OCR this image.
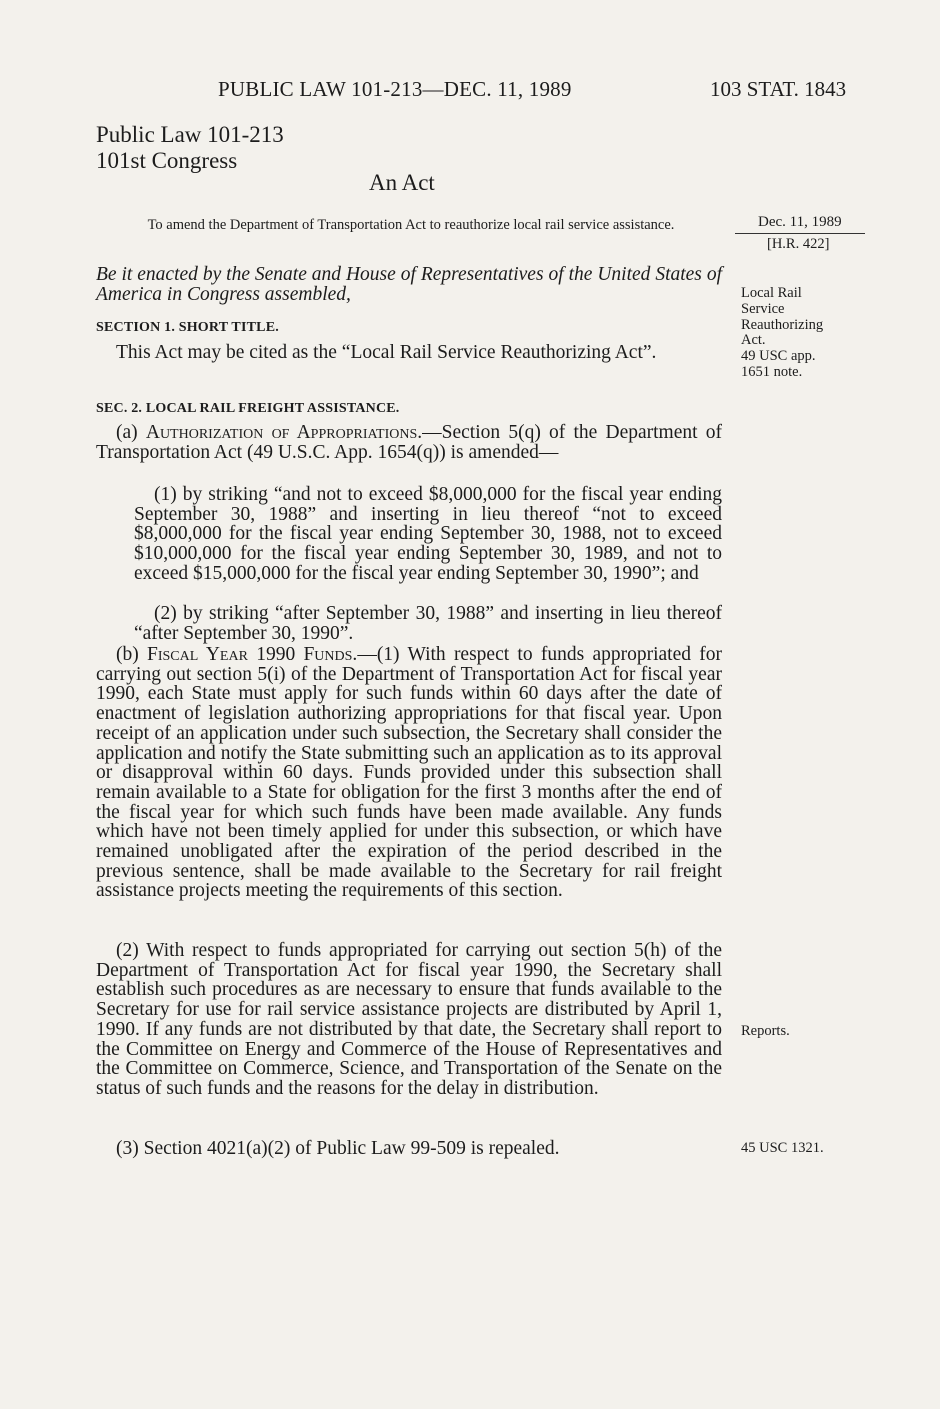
PUBLIC LAW 101-213—DEC. 11, 1989	103 STAT. 1843
Public Law 101-213
101st Congress
An Act
To amend the Department of Transportation Act to reauthorize local rail service assistance.	Dec. 11, 1989
[H.R. 422]
Be it enacted by the Senate and House of Representatives of the United States of America in Congress assembled,	Local Rail
Service
Reauthorizing
Act.
49 USC app.
1651 note.
SECTION 1. SHORT TITLE.

This Act may be cited as the “Local Rail Service Reauthorizing Act”.

SEC. 2. LOCAL RAIL FREIGHT ASSISTANCE.

(a) Authorization of Appropriations.—Section 5(q) of the Department of Transportation Act (49 U.S.C. App. 1654(q)) is amended—

(1) by striking “and not to exceed $8,000,000 for the fiscal year ending September 30, 1988” and inserting in lieu thereof “not to exceed $8,000,000 for the fiscal year ending September 30, 1988, not to exceed $10,000,000 for the fiscal year ending September 30, 1989, and not to exceed $15,000,000 for the fiscal year ending September 30, 1990”; and

(2) by striking “after September 30, 1988” and inserting in lieu thereof “after September 30, 1990”.

(b) Fiscal Year 1990 Funds.—(1) With respect to funds appropriated for carrying out section 5(i) of the Department of Transportation Act for fiscal year 1990, each State must apply for such funds within 60 days after the date of enactment of legislation authorizing appropriations for that fiscal year. Upon receipt of an application under such subsection, the Secretary shall consider the application and notify the State submitting such an application as to its approval or disapproval within 60 days. Funds provided under this subsection shall remain available to a State for obligation for the first 3 months after the end of the fiscal year for which such funds have been made available. Any funds which have not been timely applied for under this subsection, or which have remained unobligated after the expiration of the period described in the previous sentence, shall be made available to the Secretary for rail freight assistance projects meeting the requirements of this section.

(2) With respect to funds appropriated for carrying out section 5(h) of the Department of Transportation Act for fiscal year 1990, the Secretary shall establish such procedures as are necessary to ensure that funds available to the Secretary for use for rail service assistance projects are distributed by April 1, 1990. If any funds are not distributed by that date, the Secretary shall report to the Committee on Energy and Commerce of the House of Representatives and the Committee on Commerce, Science, and Transportation of the Senate on the status of such funds and the reasons for the delay in distribution.

(3) Section 4021(a)(2) of Public Law 99-509 is repealed.

Reports.
45 USC 1321.
